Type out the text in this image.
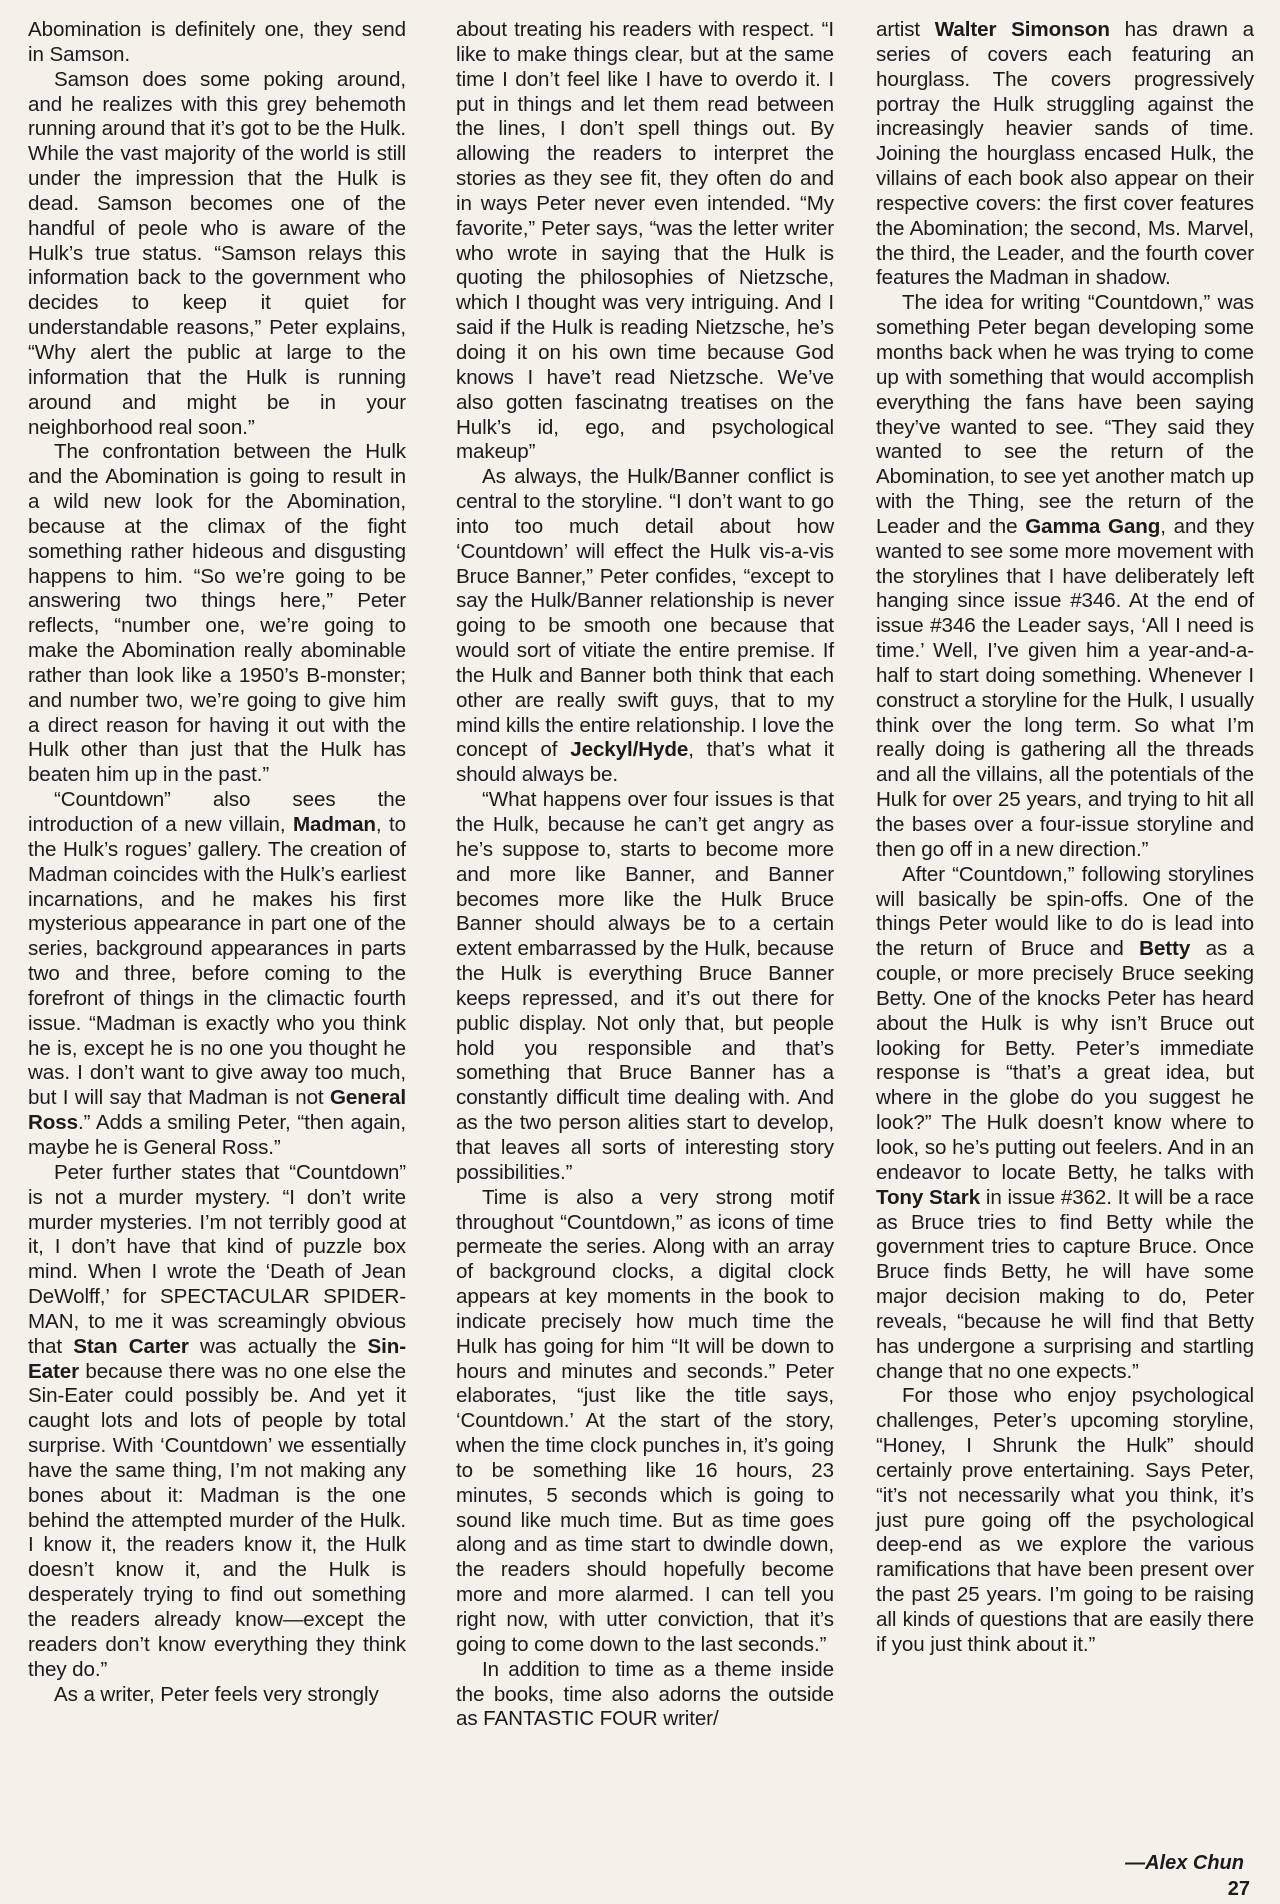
Abomination is definitely one, they send in Samson.

Samson does some poking around, and he realizes with this grey behemoth running around that it’s got to be the Hulk. While the vast majority of the world is still under the impression that the Hulk is dead. Samson becomes one of the handful of peole who is aware of the Hulk’s true status. “Samson relays this information back to the government who decides to keep it quiet for understandable reasons,” Peter explains, “Why alert the public at large to the information that the Hulk is running around and might be in your neighborhood real soon.”

The confrontation between the Hulk and the Abomination is going to result in a wild new look for the Abomination, because at the climax of the fight something rather hideous and disgusting happens to him. “So we’re going to be answering two things here,” Peter reflects, “number one, we’re going to make the Abomination really abominable rather than look like a 1950’s B-monster; and number two, we’re going to give him a direct reason for having it out with the Hulk other than just that the Hulk has beaten him up in the past.”

“Countdown” also sees the introduction of a new villain, Madman, to the Hulk’s rogues’ gallery. The creation of Madman coincides with the Hulk’s earliest incarnations, and he makes his first mysterious appearance in part one of the series, background appearances in parts two and three, before coming to the forefront of things in the climactic fourth issue. “Madman is exactly who you think he is, except he is no one you thought he was. I don’t want to give away too much, but I will say that Madman is not General Ross.” Adds a smiling Peter, “then again, maybe he is General Ross.”

Peter further states that “Countdown” is not a murder mystery. “I don’t write murder mysteries. I’m not terribly good at it, I don’t have that kind of puzzle box mind. When I wrote the ‘Death of Jean DeWolff,’ for SPECTACULAR SPIDER-MAN, to me it was screamingly obvious that Stan Carter was actually the Sin-Eater because there was no one else the Sin-Eater could possibly be. And yet it caught lots and lots of people by total surprise. With ‘Countdown’ we essentially have the same thing, I’m not making any bones about it: Madman is the one behind the attempted murder of the Hulk. I know it, the readers know it, the Hulk doesn’t know it, and the Hulk is desperately trying to find out something the readers already know—except the readers don’t know everything they think they do.”

As a writer, Peter feels very strongly

about treating his readers with respect. “I like to make things clear, but at the same time I don’t feel like I have to overdo it. I put in things and let them read between the lines, I don’t spell things out. By allowing the readers to interpret the stories as they see fit, they often do and in ways Peter never even intended. “My favorite,” Peter says, “was the letter writer who wrote in saying that the Hulk is quoting the philosophies of Nietzsche, which I thought was very intriguing. And I said if the Hulk is reading Nietzsche, he’s doing it on his own time because God knows I have’t read Nietzsche. We’ve also gotten fascinatng treatises on the Hulk’s id, ego, and psychological makeup”

As always, the Hulk/Banner conflict is central to the storyline. “I don’t want to go into too much detail about how ‘Countdown’ will effect the Hulk vis-a-vis Bruce Banner,” Peter confides, “except to say the Hulk/Banner relationship is never going to be smooth one because that would sort of vitiate the entire premise. If the Hulk and Banner both think that each other are really swift guys, that to my mind kills the entire relationship. I love the concept of Jeckyl/Hyde, that’s what it should always be.

“What happens over four issues is that the Hulk, because he can’t get angry as he’s suppose to, starts to become more and more like Banner, and Banner becomes more like the Hulk Bruce Banner should always be to a certain extent embarrassed by the Hulk, because the Hulk is everything Bruce Banner keeps repressed, and it’s out there for public display. Not only that, but people hold you responsible and that’s something that Bruce Banner has a constantly difficult time dealing with. And as the two person alities start to develop, that leaves all sorts of interesting story possibilities.”

Time is also a very strong motif throughout “Countdown,” as icons of time permeate the series. Along with an array of background clocks, a digital clock appears at key moments in the book to indicate precisely how much time the Hulk has going for him “It will be down to hours and minutes and seconds.” Peter elaborates, “just like the title says, ‘Countdown.’ At the start of the story, when the time clock punches in, it’s going to be something like 16 hours, 23 minutes, 5 seconds which is going to sound like much time. But as time goes along and as time start to dwindle down, the readers should hopefully become more and more alarmed. I can tell you right now, with utter conviction, that it’s going to come down to the last seconds.”

In addition to time as a theme inside the books, time also adorns the outside as FANTASTIC FOUR writer/

artist Walter Simonson has drawn a series of covers each featuring an hourglass. The covers progressively portray the Hulk struggling against the increasingly heavier sands of time. Joining the hourglass encased Hulk, the villains of each book also appear on their respective covers: the first cover features the Abomination; the second, Ms. Marvel, the third, the Leader, and the fourth cover features the Madman in shadow.

The idea for writing “Countdown,” was something Peter began developing some months back when he was trying to come up with something that would accomplish everything the fans have been saying they’ve wanted to see. “They said they wanted to see the return of the Abomination, to see yet another match up with the Thing, see the return of the Leader and the Gamma Gang, and they wanted to see some more movement with the storylines that I have deliberately left hanging since issue #346. At the end of issue #346 the Leader says, ‘All I need is time.’ Well, I’ve given him a year-and-a-half to start doing something. Whenever I construct a storyline for the Hulk, I usually think over the long term. So what I’m really doing is gathering all the threads and all the villains, all the potentials of the Hulk for over 25 years, and trying to hit all the bases over a four-issue storyline and then go off in a new direction.”

After “Countdown,” following storylines will basically be spin-offs. One of the things Peter would like to do is lead into the return of Bruce and Betty as a couple, or more precisely Bruce seeking Betty. One of the knocks Peter has heard about the Hulk is why isn’t Bruce out looking for Betty. Peter’s immediate response is “that’s a great idea, but where in the globe do you suggest he look?” The Hulk doesn’t know where to look, so he’s putting out feelers. And in an endeavor to locate Betty, he talks with Tony Stark in issue #362. It will be a race as Bruce tries to find Betty while the government tries to capture Bruce. Once Bruce finds Betty, he will have some major decision making to do, Peter reveals, “because he will find that Betty has undergone a surprising and startling change that no one expects.”

For those who enjoy psychological challenges, Peter’s upcoming storyline, “Honey, I Shrunk the Hulk” should certainly prove entertaining. Says Peter, “it’s not necessarily what you think, it’s just pure going off the psychological deep-end as we explore the various ramifications that have been present over the past 25 years. I’m going to be raising all kinds of questions that are easily there if you just think about it.”

—Alex Chun
27
